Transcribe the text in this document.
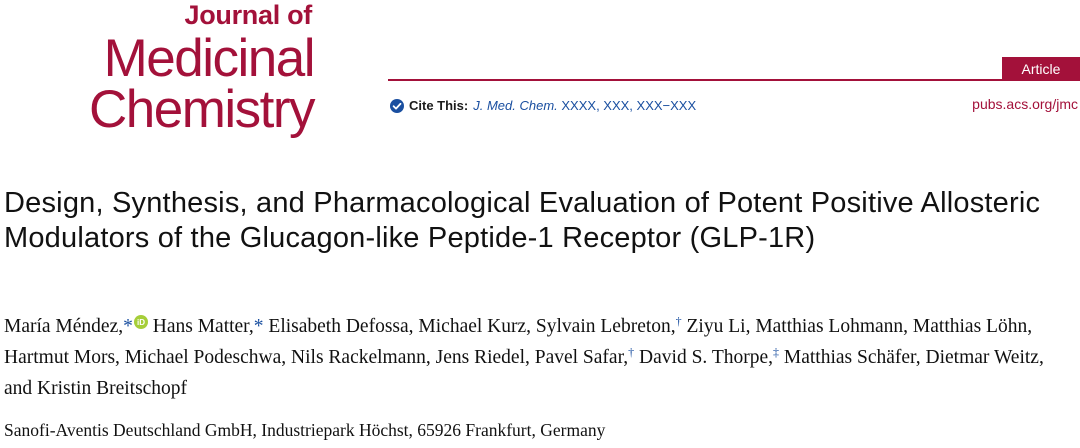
Journal of
Medicinal
Chemistry
Article
Cite This: J. Med. Chem. XXXX, XXX, XXX−XXX	pubs.acs.org/jmc
Design, Synthesis, and Pharmacological Evaluation of Potent Positive Allosteric Modulators of the Glucagon-like Peptide-1 Receptor (GLP-1R)
María Méndez,* iD Hans Matter,* Elisabeth Defossa, Michael Kurz, Sylvain Lebreton,† Ziyu Li, Matthias Lohmann, Matthias Löhn, Hartmut Mors, Michael Podeschwa, Nils Rackelmann, Jens Riedel, Pavel Safar,† David S. Thorpe,‡ Matthias Schäfer, Dietmar Weitz, and Kristin Breitschopf
Sanofi-Aventis Deutschland GmbH, Industriepark Höchst, 65926 Frankfurt, Germany
